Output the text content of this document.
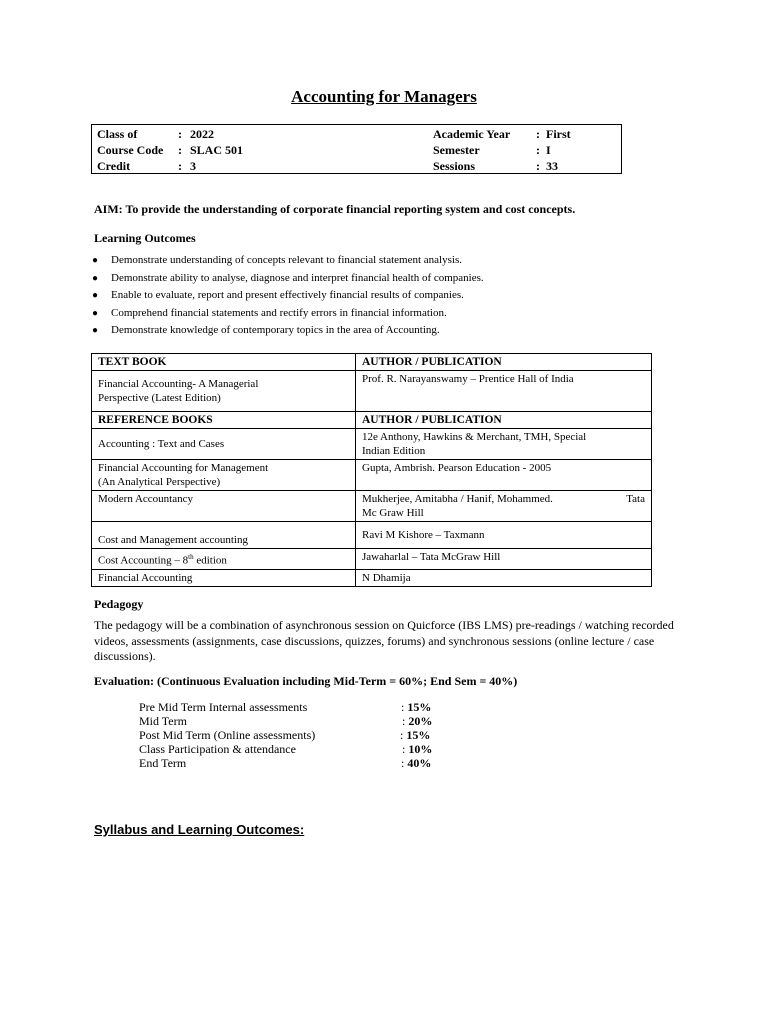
Accounting for Managers
Class of	: 2022	Academic Year : First
Course Code : SLAC 501	Semester	: I
Credit	: 3	Sessions	: 33
AIM: To provide the understanding of corporate financial reporting system and cost concepts.
Learning Outcomes
● Demonstrate understanding of concepts relevant to financial statement analysis.
● Demonstrate ability to analyse, diagnose and interpret financial health of companies.
● Enable to evaluate, report and present effectively financial results of companies.
● Comprehend financial statements and rectify errors in financial information.
● Demonstrate knowledge of contemporary topics in the area of Accounting.
TEXT BOOK	AUTHOR / PUBLICATION
Financial Accounting- A Managerial
Perspective (Latest Edition)	Prof. R. Narayanswamy – Prentice Hall of India
REFERENCE BOOKS	AUTHOR / PUBLICATION
Accounting : Text and Cases	12e Anthony, Hawkins & Merchant, TMH, Special
Indian Edition
Financial Accounting for Management
(An Analytical Perspective)	Gupta, Ambrish. Pearson Education - 2005
Modern Accountancy	Mukherjee, Amitabha / Hanif, Mohammed. Tata
Mc Graw Hill
Cost and Management accounting	Ravi M Kishore – Taxmann
Cost Accounting – 8th edition	Jawaharlal – Tata McGraw Hill
Financial Accounting	N Dhamija
Pedagogy
The pedagogy will be a combination of asynchronous session on Quicforce (IBS LMS) pre-readings / watching recorded videos, assessments (assignments, case discussions, quizzes, forums) and synchronous sessions (online lecture / case discussions).
Evaluation: (Continuous Evaluation including Mid-Term = 60%; End Sem = 40%)
Pre Mid Term Internal assessments	: 15%
Mid Term	: 20%
Post Mid Term (Online assessments)	: 15%
Class Participation & attendance	: 10%
End Term	: 40%
Syllabus and Learning Outcomes:
